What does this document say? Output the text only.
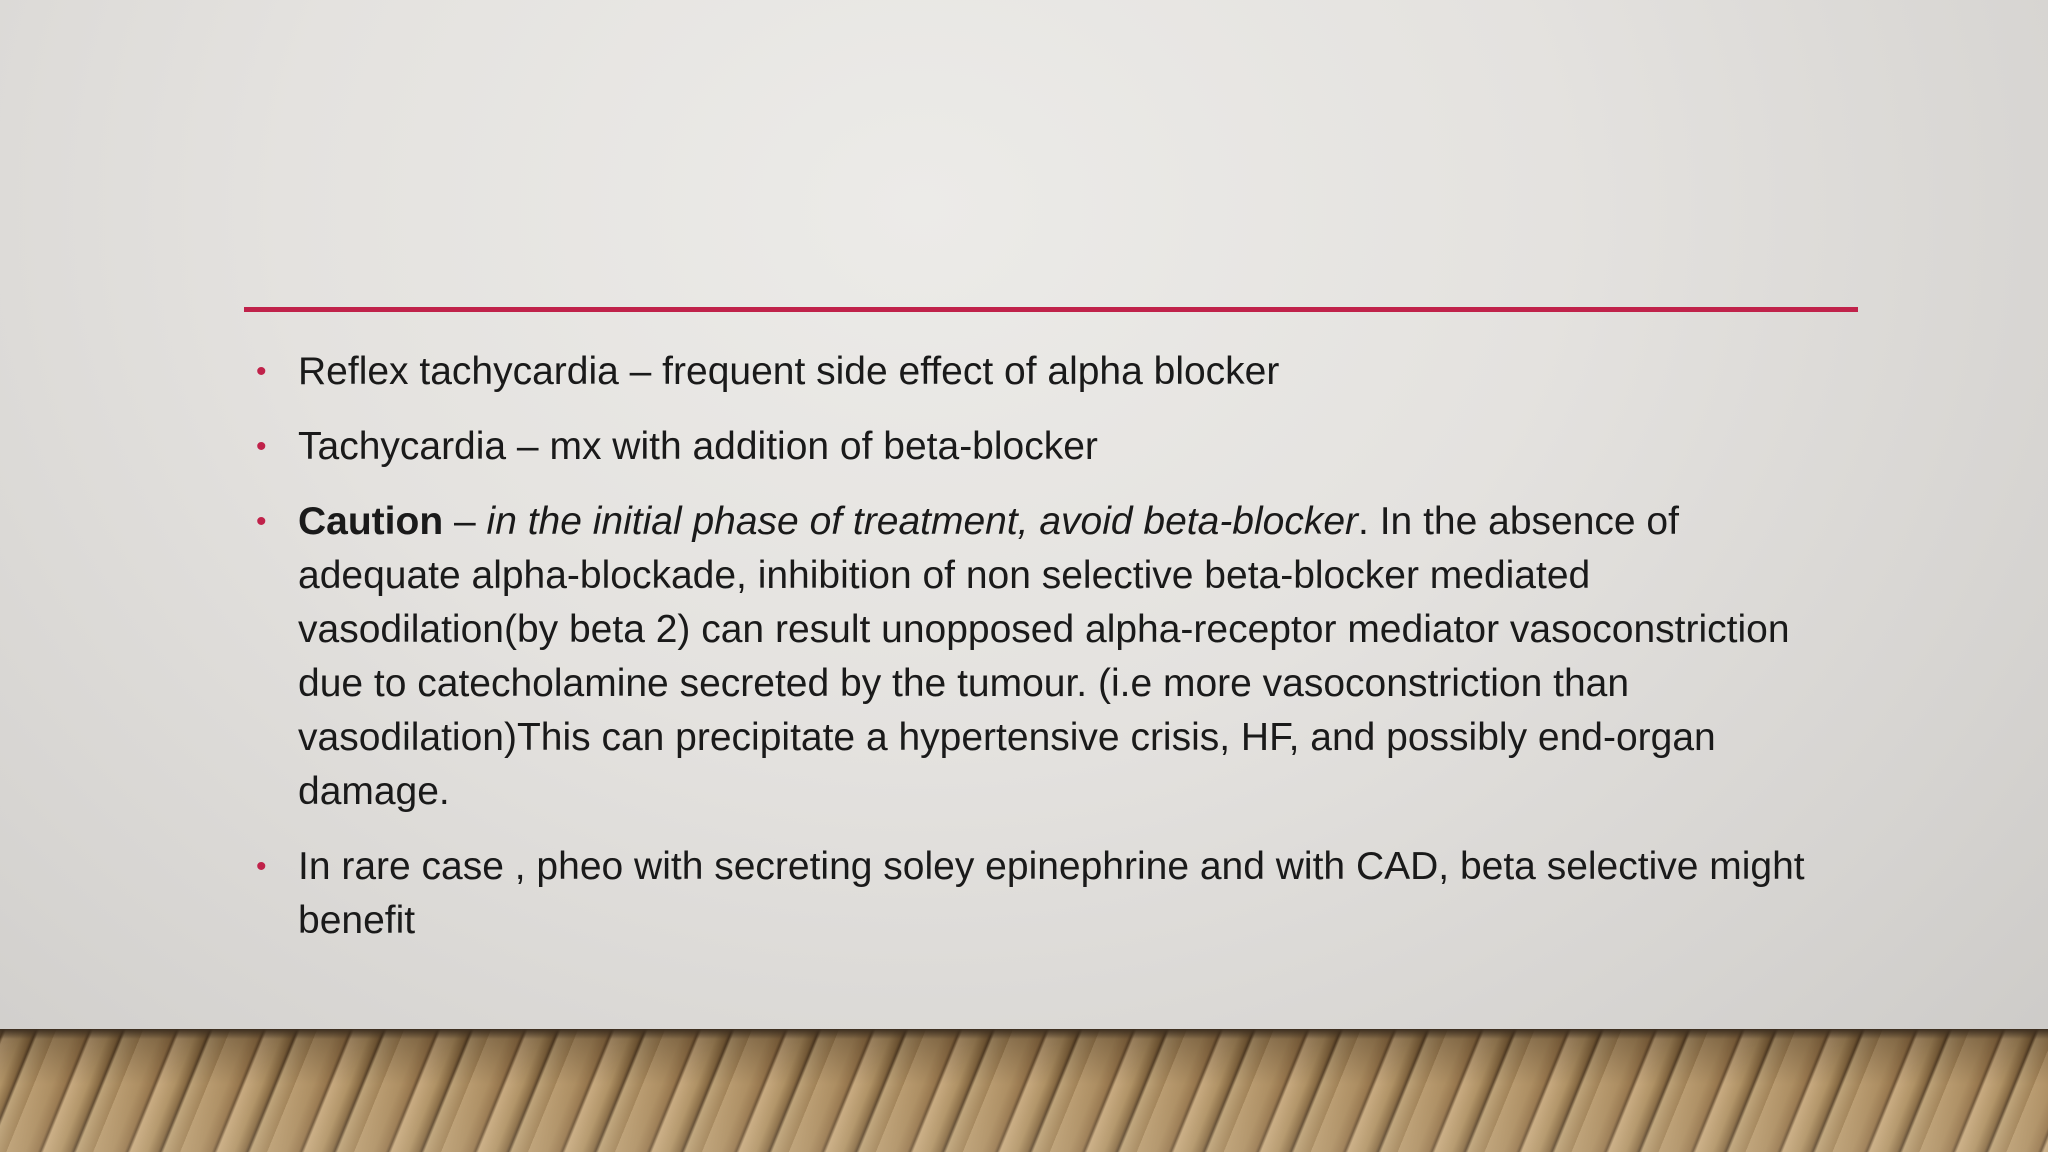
• Reflex tachycardia – frequent side effect of alpha blocker
• Tachycardia – mx with addition of beta-blocker
• Caution – in the initial phase of treatment, avoid beta-blocker. In the absence of adequate alpha-blockade, inhibition of non selective beta-blocker mediated vasodilation(by beta 2) can result unopposed alpha-receptor mediator vasoconstriction due to catecholamine secreted by the tumour. (i.e more vasoconstriction than vasodilation)This can precipitate a hypertensive crisis, HF, and possibly end-organ damage.
• In rare case , pheo with secreting soley epinephrine and with CAD, beta selective might benefit
